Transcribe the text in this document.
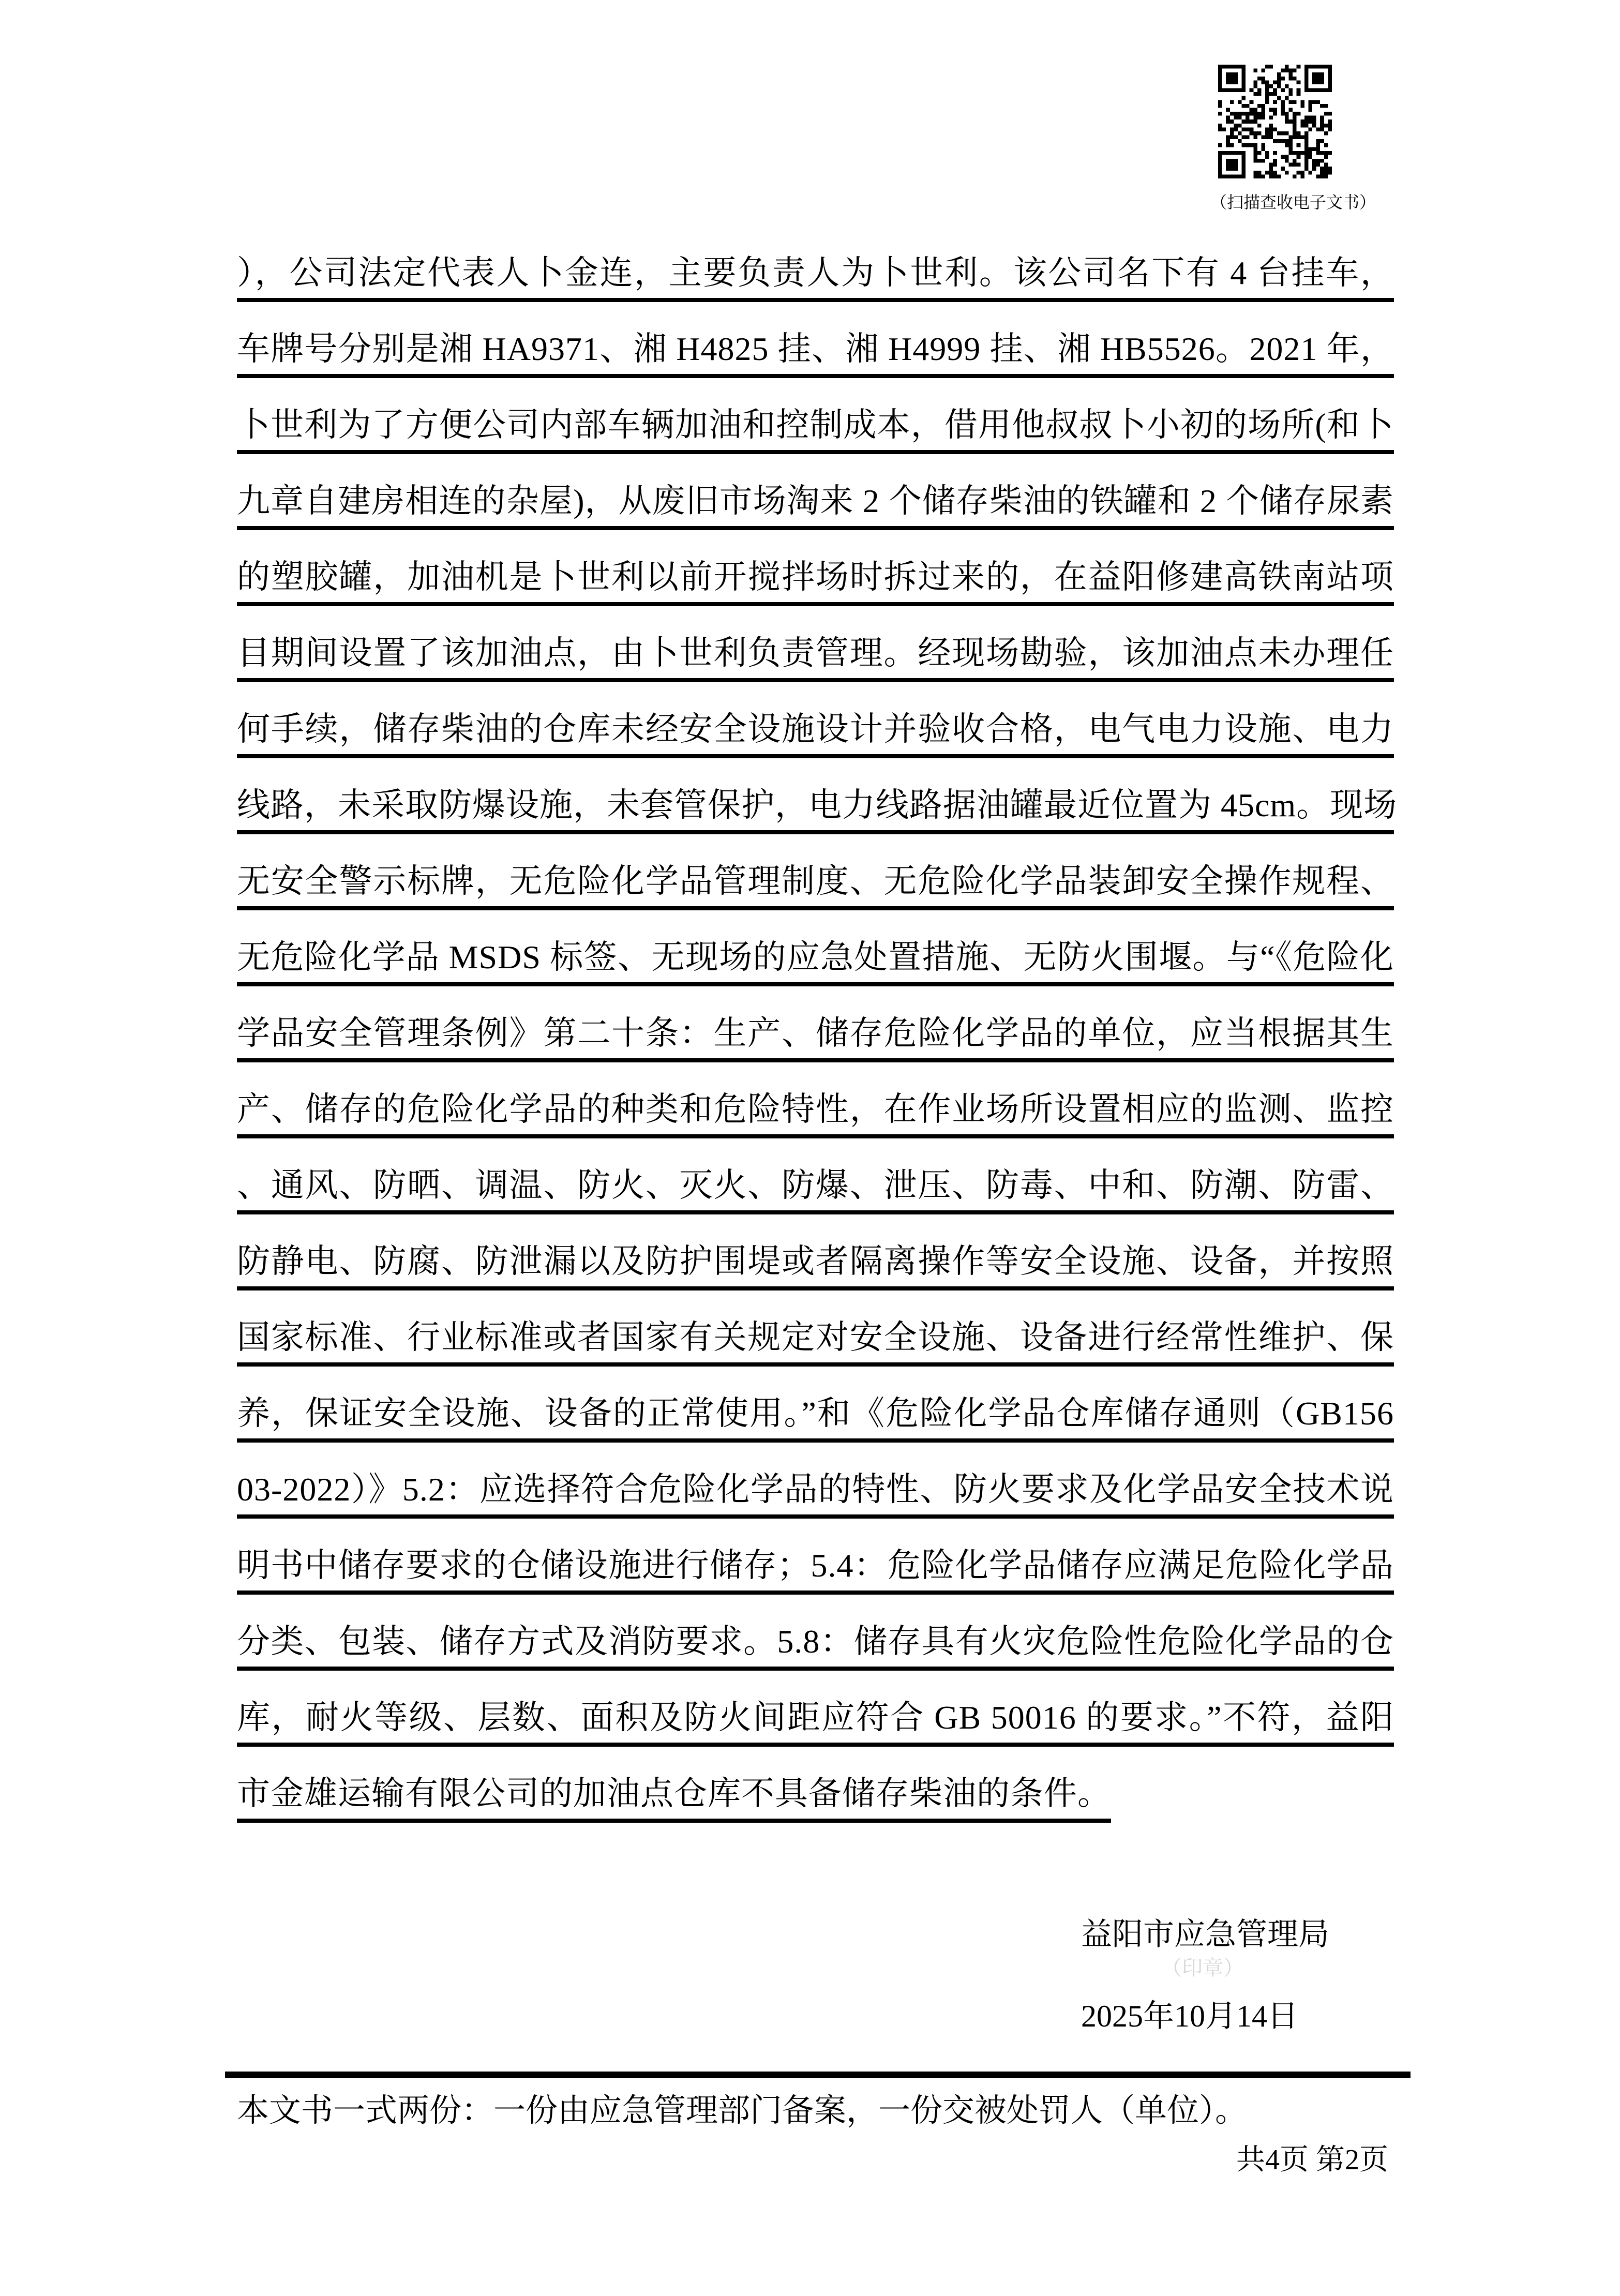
（扫描查收电子文书）
），公司法定代表人卜金连，主要负责人为卜世利。该公司名下有 4 台挂车，
车牌号分别是湘 HA9371、湘 H4825 挂、湘 H4999 挂、湘 HB5526。2021 年，
卜世利为了方便公司内部车辆加油和控制成本，借用他叔叔卜小初的场所(和卜
九章自建房相连的杂屋)，从废旧市场淘来 2 个储存柴油的铁罐和 2 个储存尿素
的塑胶罐，加油机是卜世利以前开搅拌场时拆过来的，在益阳修建高铁南站项
目期间设置了该加油点，由卜世利负责管理。经现场勘验，该加油点未办理任
何手续，储存柴油的仓库未经安全设施设计并验收合格，电气电力设施、电力
线路，未采取防爆设施，未套管保护，电力线路据油罐最近位置为 45cm。现场
无安全警示标牌，无危险化学品管理制度、无危险化学品装卸安全操作规程、
无危险化学品 MSDS 标签、无现场的应急处置措施、无防火围堰。与“《危险化
学品安全管理条例》第二十条：生产、储存危险化学品的单位，应当根据其生
产、储存的危险化学品的种类和危险特性，在作业场所设置相应的监测、监控
、通风、防晒、调温、防火、灭火、防爆、泄压、防毒、中和、防潮、防雷、
防静电、防腐、防泄漏以及防护围堤或者隔离操作等安全设施、设备，并按照
国家标准、行业标准或者国家有关规定对安全设施、设备进行经常性维护、保
养，保证安全设施、设备的正常使用。”和《危险化学品仓库储存通则（GB156
03-2022）》5.2：应选择符合危险化学品的特性、防火要求及化学品安全技术说
明书中储存要求的仓储设施进行储存；5.4：危险化学品储存应满足危险化学品
分类、包装、储存方式及消防要求。5.8：储存具有火灾危险性危险化学品的仓
库，耐火等级、层数、面积及防火间距应符合 GB 50016 的要求。”不符，益阳
市金雄运输有限公司的加油点仓库不具备储存柴油的条件。
益阳市应急管理局
（印章）
2025年10月14日
本文书一式两份：一份由应急管理部门备案，一份交被处罚人（单位）。
共4页 第2页
